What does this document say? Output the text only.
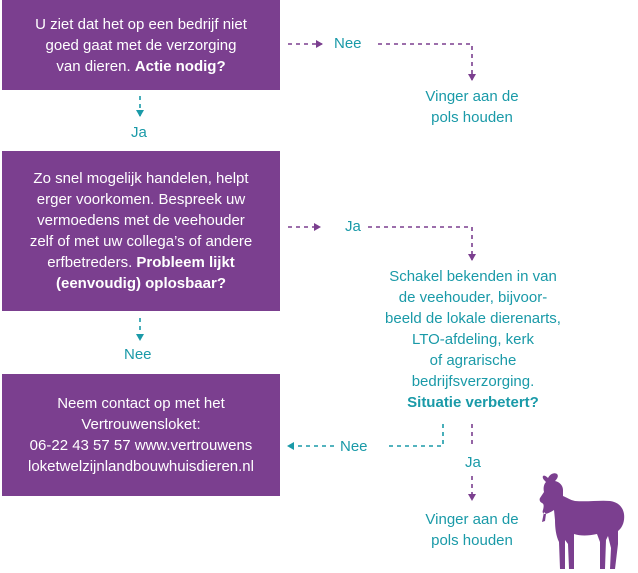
U ziet dat het op een bedrijf niet
goed gaat met de verzorging
van dieren. Actie nodig?
Nee
Vinger aan de
pols houden
Ja
Zo snel mogelijk handelen, helpt
erger voorkomen. Bespreek uw
vermoedens met de veehouder
zelf of met uw collega’s of andere
erfbetreders. Probleem lijkt
(eenvoudig) oplosbaar?
Ja
Schakel bekenden in van
de veehouder, bijvoor-
beeld de lokale dierenarts,
LTO-afdeling, kerk
of agrarische
bedrijfsverzorging.
Situatie verbetert?
Nee
Neem contact op met het
Vertrouwensloket:
06-22 43 57 57 www.vertrouwens
loketwelzijnlandbouwhuisdieren.nl
Nee
Ja
Vinger aan de
pols houden
